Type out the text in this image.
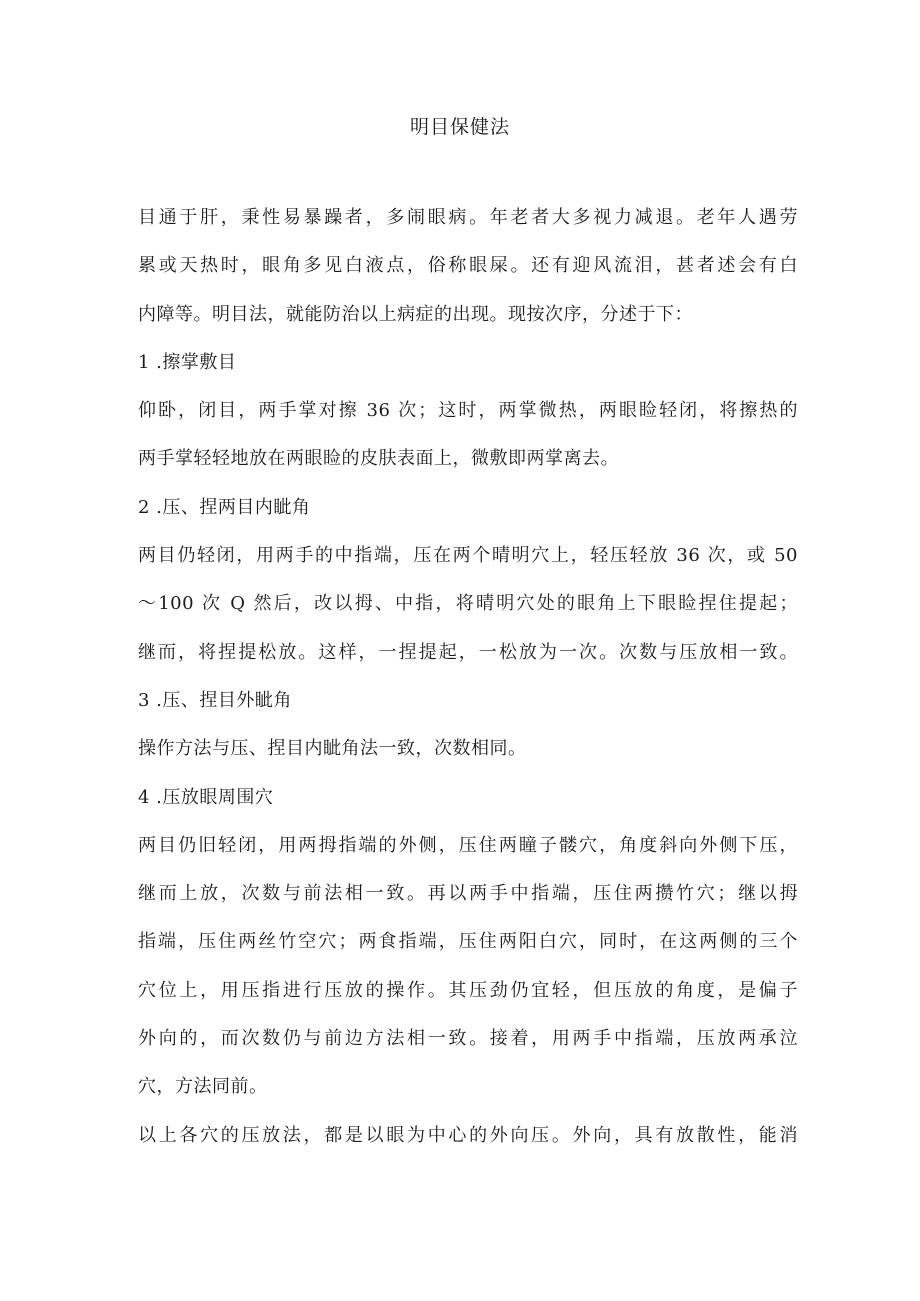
明目保健法
目通于肝，秉性易暴躁者，多闹眼病。年老者大多视力减退。老年人遇劳
累或天热时，眼角多见白液点，俗称眼屎。还有迎风流泪，甚者述会有白
内障等。明目法，就能防治以上病症的出现。现按次序，分述于下：
1 .擦掌敷目
仰卧，闭目，两手掌对擦 36 次；这时，两掌微热，两眼睑轻闭，将擦热的
两手掌轻轻地放在两眼睑的皮肤表面上，微敷即两掌离去。
2 .压、捏两目内眦角
两目仍轻闭，用两手的中指端，压在两个晴明穴上，轻压轻放 36 次，或 50
～100 次 Q 然后，改以拇、中指，将晴明穴处的眼角上下眼睑捏住提起；
继而，将捏提松放。这样，一捏提起，一松放为一次。次数与压放相一致。
3 .压、捏目外眦角
操作方法与压、捏目内眦角法一致，次数相同。
4 .压放眼周围穴
两目仍旧轻闭，用两拇指端的外侧，压住两瞳子髅穴，角度斜向外侧下压，
继而上放，次数与前法相一致。再以两手中指端，压住两攒竹穴；继以拇
指端，压住两丝竹空穴；两食指端，压住两阳白穴，同时，在这两侧的三个
穴位上，用压指进行压放的操作。其压劲仍宜轻，但压放的角度，是偏子
外向的，而次数仍与前边方法相一致。接着，用两手中指端，压放两承泣
穴，方法同前。
以上各穴的压放法，都是以眼为中心的外向压。外向，具有放散性，能消
